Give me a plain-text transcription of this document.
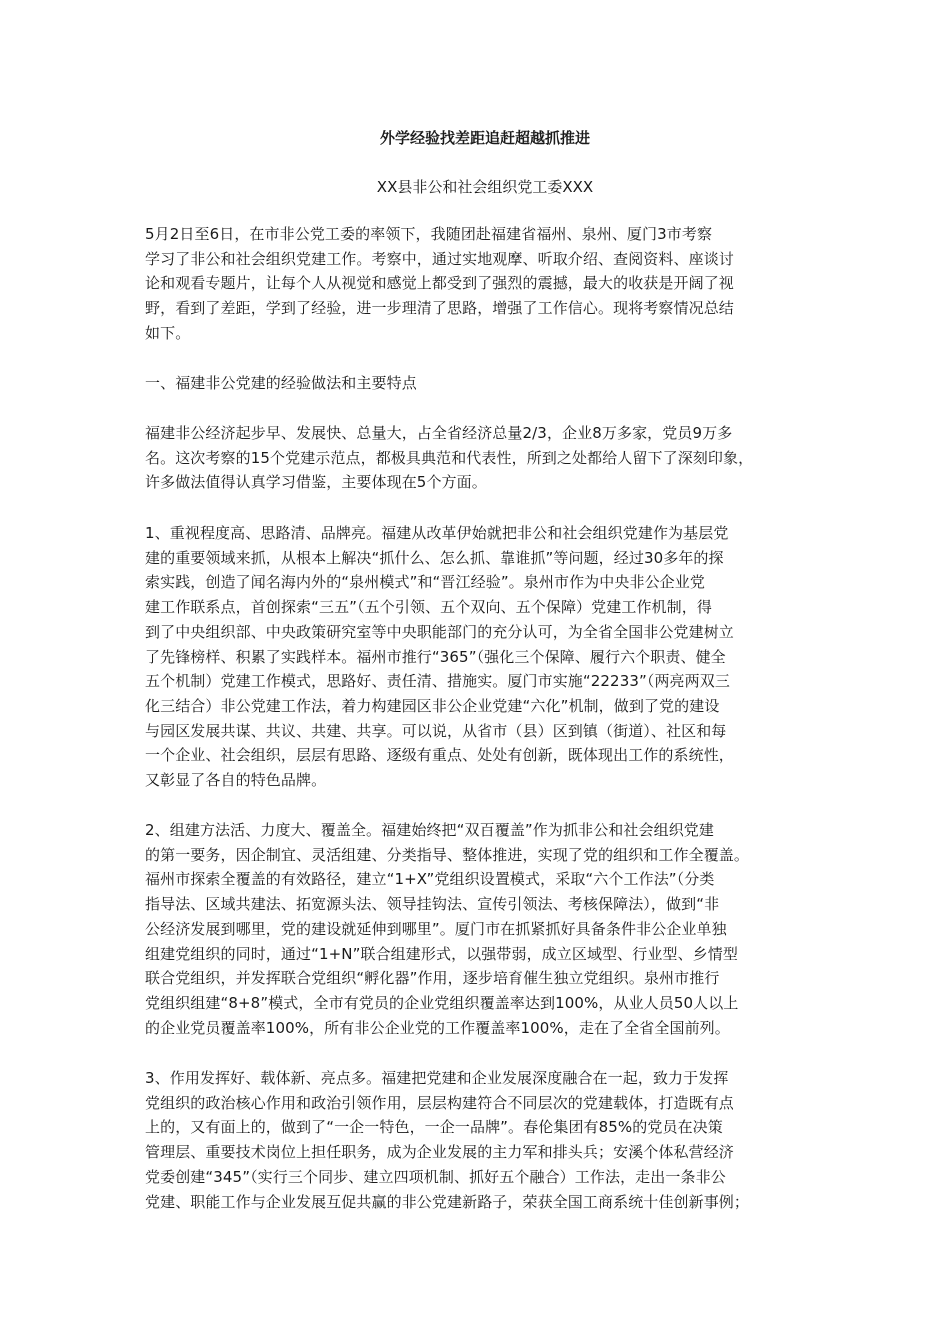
外学经验找差距追赶超越抓推进

XX县非公和社会组织党工委XXX

5月2日至6日，在市非公党工委的率领下，我随团赴福建省福州、泉州、厦门3市考察
学习了非公和社会组织党建工作。考察中，通过实地观摩、听取介绍、查阅资料、座谈讨
论和观看专题片，让每个人从视觉和感觉上都受到了强烈的震撼，最大的收获是开阔了视
野，看到了差距，学到了经验，进一步理清了思路，增强了工作信心。现将考察情况总结
如下。

一、福建非公党建的经验做法和主要特点

福建非公经济起步早、发展快、总量大，占全省经济总量2/3，企业8万多家，党员9万多
名。这次考察的15个党建示范点，都极具典范和代表性，所到之处都给人留下了深刻印象，
许多做法值得认真学习借鉴，主要体现在5个方面。

1、重视程度高、思路清、品牌亮。福建从改革伊始就把非公和社会组织党建作为基层党
建的重要领域来抓，从根本上解决“抓什么、怎么抓、靠谁抓”等问题，经过30多年的探
索实践，创造了闻名海内外的“泉州模式”和“晋江经验”。泉州市作为中央非公企业党
建工作联系点，首创探索“三五”（五个引领、五个双向、五个保障）党建工作机制，得
到了中央组织部、中央政策研究室等中央职能部门的充分认可，为全省全国非公党建树立
了先锋榜样、积累了实践样本。福州市推行“365”（强化三个保障、履行六个职责、健全
五个机制）党建工作模式，思路好、责任清、措施实。厦门市实施“22233”（两亮两双三
化三结合）非公党建工作法，着力构建园区非公企业党建“六化”机制，做到了党的建设
与园区发展共谋、共议、共建、共享。可以说，从省市（县）区到镇（街道）、社区和每
一个企业、社会组织，层层有思路、逐级有重点、处处有创新，既体现出工作的系统性，
又彰显了各自的特色品牌。

2、组建方法活、力度大、覆盖全。福建始终把“双百覆盖”作为抓非公和社会组织党建
的第一要务，因企制宜、灵活组建、分类指导、整体推进，实现了党的组织和工作全覆盖。
福州市探索全覆盖的有效路径，建立“1+X”党组织设置模式，采取“六个工作法”（分类
指导法、区域共建法、拓宽源头法、领导挂钩法、宣传引领法、考核保障法），做到“非
公经济发展到哪里，党的建设就延伸到哪里”。厦门市在抓紧抓好具备条件非公企业单独
组建党组织的同时，通过“1+N”联合组建形式，以强带弱，成立区域型、行业型、乡情型
联合党组织，并发挥联合党组织“孵化器”作用，逐步培育催生独立党组织。泉州市推行
党组织组建“8+8”模式，全市有党员的企业党组织覆盖率达到100%，从业人员50人以上
的企业党员覆盖率100%，所有非公企业党的工作覆盖率100%，走在了全省全国前列。

3、作用发挥好、载体新、亮点多。福建把党建和企业发展深度融合在一起，致力于发挥
党组织的政治核心作用和政治引领作用，层层构建符合不同层次的党建载体，打造既有点
上的，又有面上的，做到了“一企一特色，一企一品牌”。春伦集团有85%的党员在决策
管理层、重要技术岗位上担任职务，成为企业发展的主力军和排头兵；安溪个体私营经济
党委创建“345”（实行三个同步、建立四项机制、抓好五个融合）工作法，走出一条非公
党建、职能工作与企业发展互促共赢的非公党建新路子，荣获全国工商系统十佳创新事例；
